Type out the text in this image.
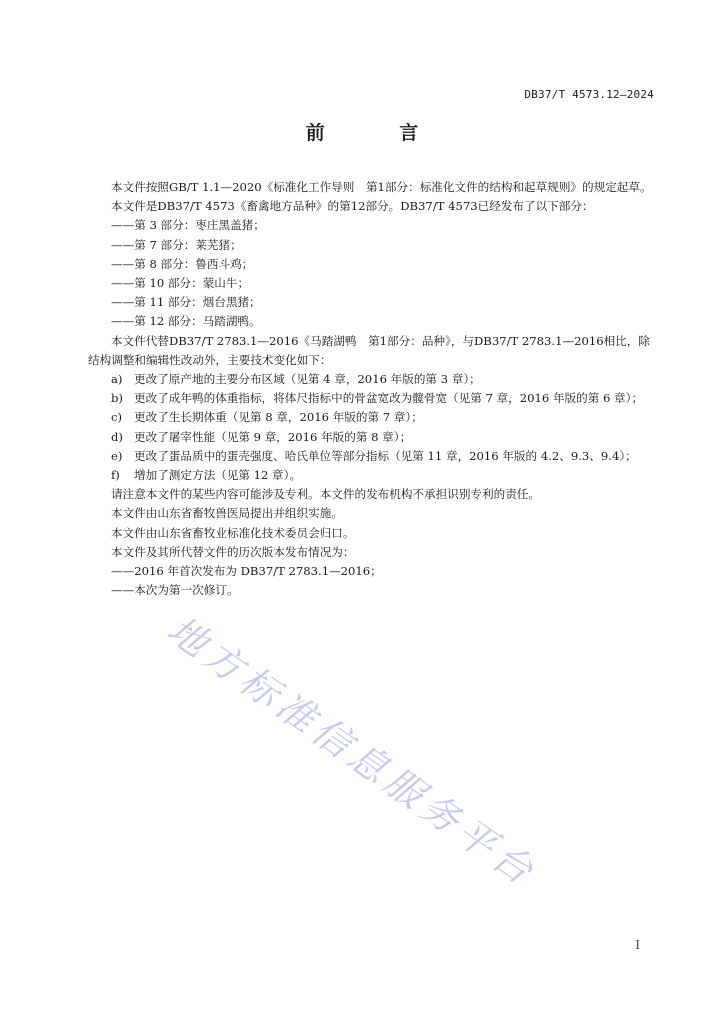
DB37/T 4573.12—2024
前 言

本文件按照GB/T 1.1—2020《标准化工作导则　第1部分：标准化文件的结构和起草规则》的规定起草。

本文件是DB37/T 4573《畜禽地方品种》的第12部分。DB37/T 4573已经发布了以下部分：

——第 3 部分：枣庄黑盖猪；

——第 7 部分：莱芜猪；

——第 8 部分：鲁西斗鸡；

——第 10 部分：蒙山牛；

——第 11 部分：烟台黑猪；

——第 12 部分：马踏湖鸭。

本文件代替DB37/T 2783.1—2016《马踏湖鸭　第1部分：品种》，与DB37/T 2783.1—2016相比，除结构调整和编辑性改动外，主要技术变化如下：

a) 更改了原产地的主要分布区域（见第 4 章，2016 年版的第 3 章）；

b) 更改了成年鸭的体重指标，将体尺指标中的骨盆宽改为髋骨宽（见第 7 章，2016 年版的第 6 章）；

c) 更改了生长期体重（见第 8 章，2016 年版的第 7 章）；

d) 更改了屠宰性能（见第 9 章，2016 年版的第 8 章）；

e) 更改了蛋品质中的蛋壳强度、哈氏单位等部分指标（见第 11 章，2016 年版的 4.2、9.3、9.4）；

f) 增加了测定方法（见第 12 章）。

请注意本文件的某些内容可能涉及专利。本文件的发布机构不承担识别专利的责任。

本文件由山东省畜牧兽医局提出并组织实施。

本文件由山东省畜牧业标准化技术委员会归口。

本文件及其所代替文件的历次版本发布情况为：

——2016 年首次发布为 DB37/T 2783.1—2016；

——本次为第一次修订。

地方标准信息服务平台
I
